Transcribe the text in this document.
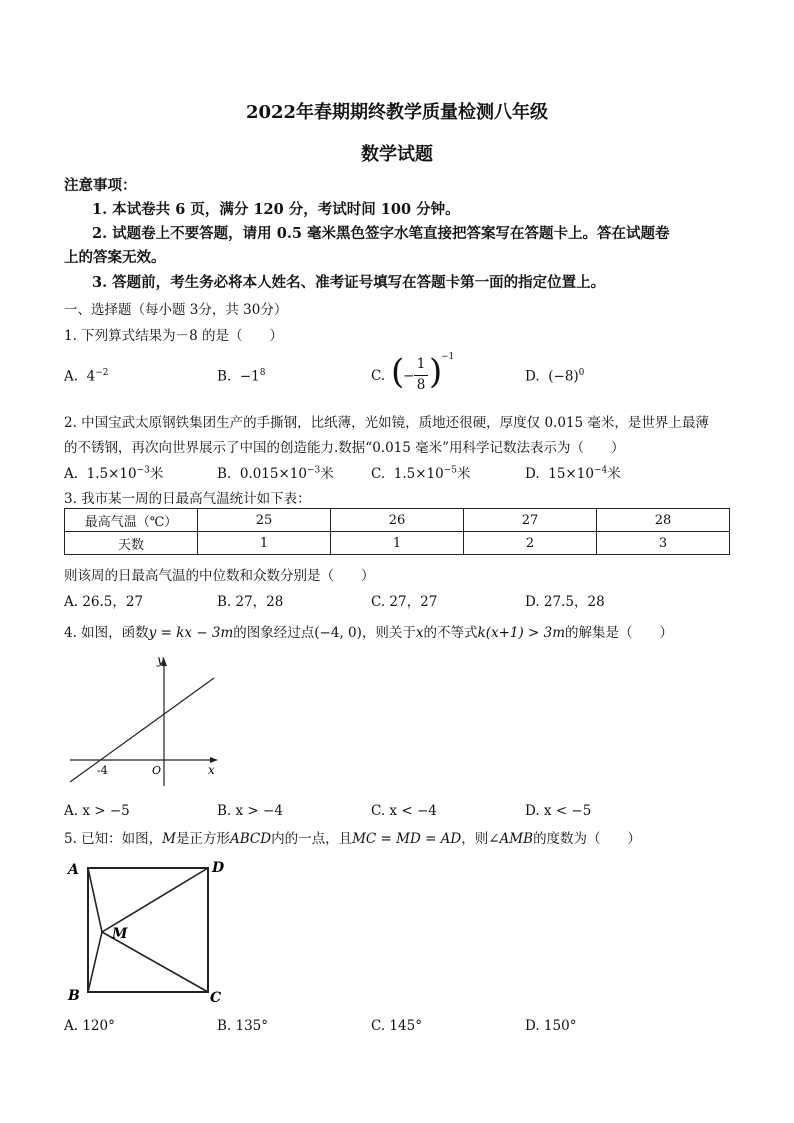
2022年春期期终教学质量检测八年级
数学试题
注意事项：
1. 本试卷共 6 页，满分 120 分，考试时间 100 分钟。
2. 试题卷上不要答题，请用 0.5 毫米黑色签字水笔直接把答案写在答题卡上。答在试题卷
上的答案无效。
3. 答题前，考生务必将本人姓名、准考证号填写在答题卡第一面的指定位置上。
一、选择题（每小题 3分，共 30分）
1. 下列算式结果为－8 的是（　　）
A. $4^{-2}$	B. $-1^8$	C. (
−
1
8 )
−1
D. $(-8)^0$
2. 中国宝武太原钢铁集团生产的手撕钢，比纸薄，光如镜，质地还很硬，厚度仅 0.015 毫米，是世界上最薄
的不锈钢，再次向世界展示了中国的创造能力.数据“0.015 毫米”用科学记数法表示为（　　）
A. $1.5\times 10^{-3}$米	B. $0.015\times 10^{-3}$米	C. $1.5\times 10^{-5}$米	D. $15\times 10^{-4}$米
3. 我市某一周的日最高气温统计如下表：
最高气温（℃）	25	26	27	28
天数	1	1	2	3
则该周的日最高气温的中位数和众数分别是（　　）
A. 26.5，27	B. 27，28	C. 27，27	D. 27.5，28
4. 如图，函数y = kx − 3m的图象经过点(−4, 0)，则关于x的不等式k(x+1) > 3m的解集是（　　）
y
x
O
-4
A. x > −5	B. x > −4	C. x < −4	D. x < −5
5. 已知：如图，M是正方形ABCD内的一点，且MC = MD = AD，则∠AMB的度数为（　　）
A
B	C
D
M
A. 120°	B. 135°	C. 145°	D. 150°
